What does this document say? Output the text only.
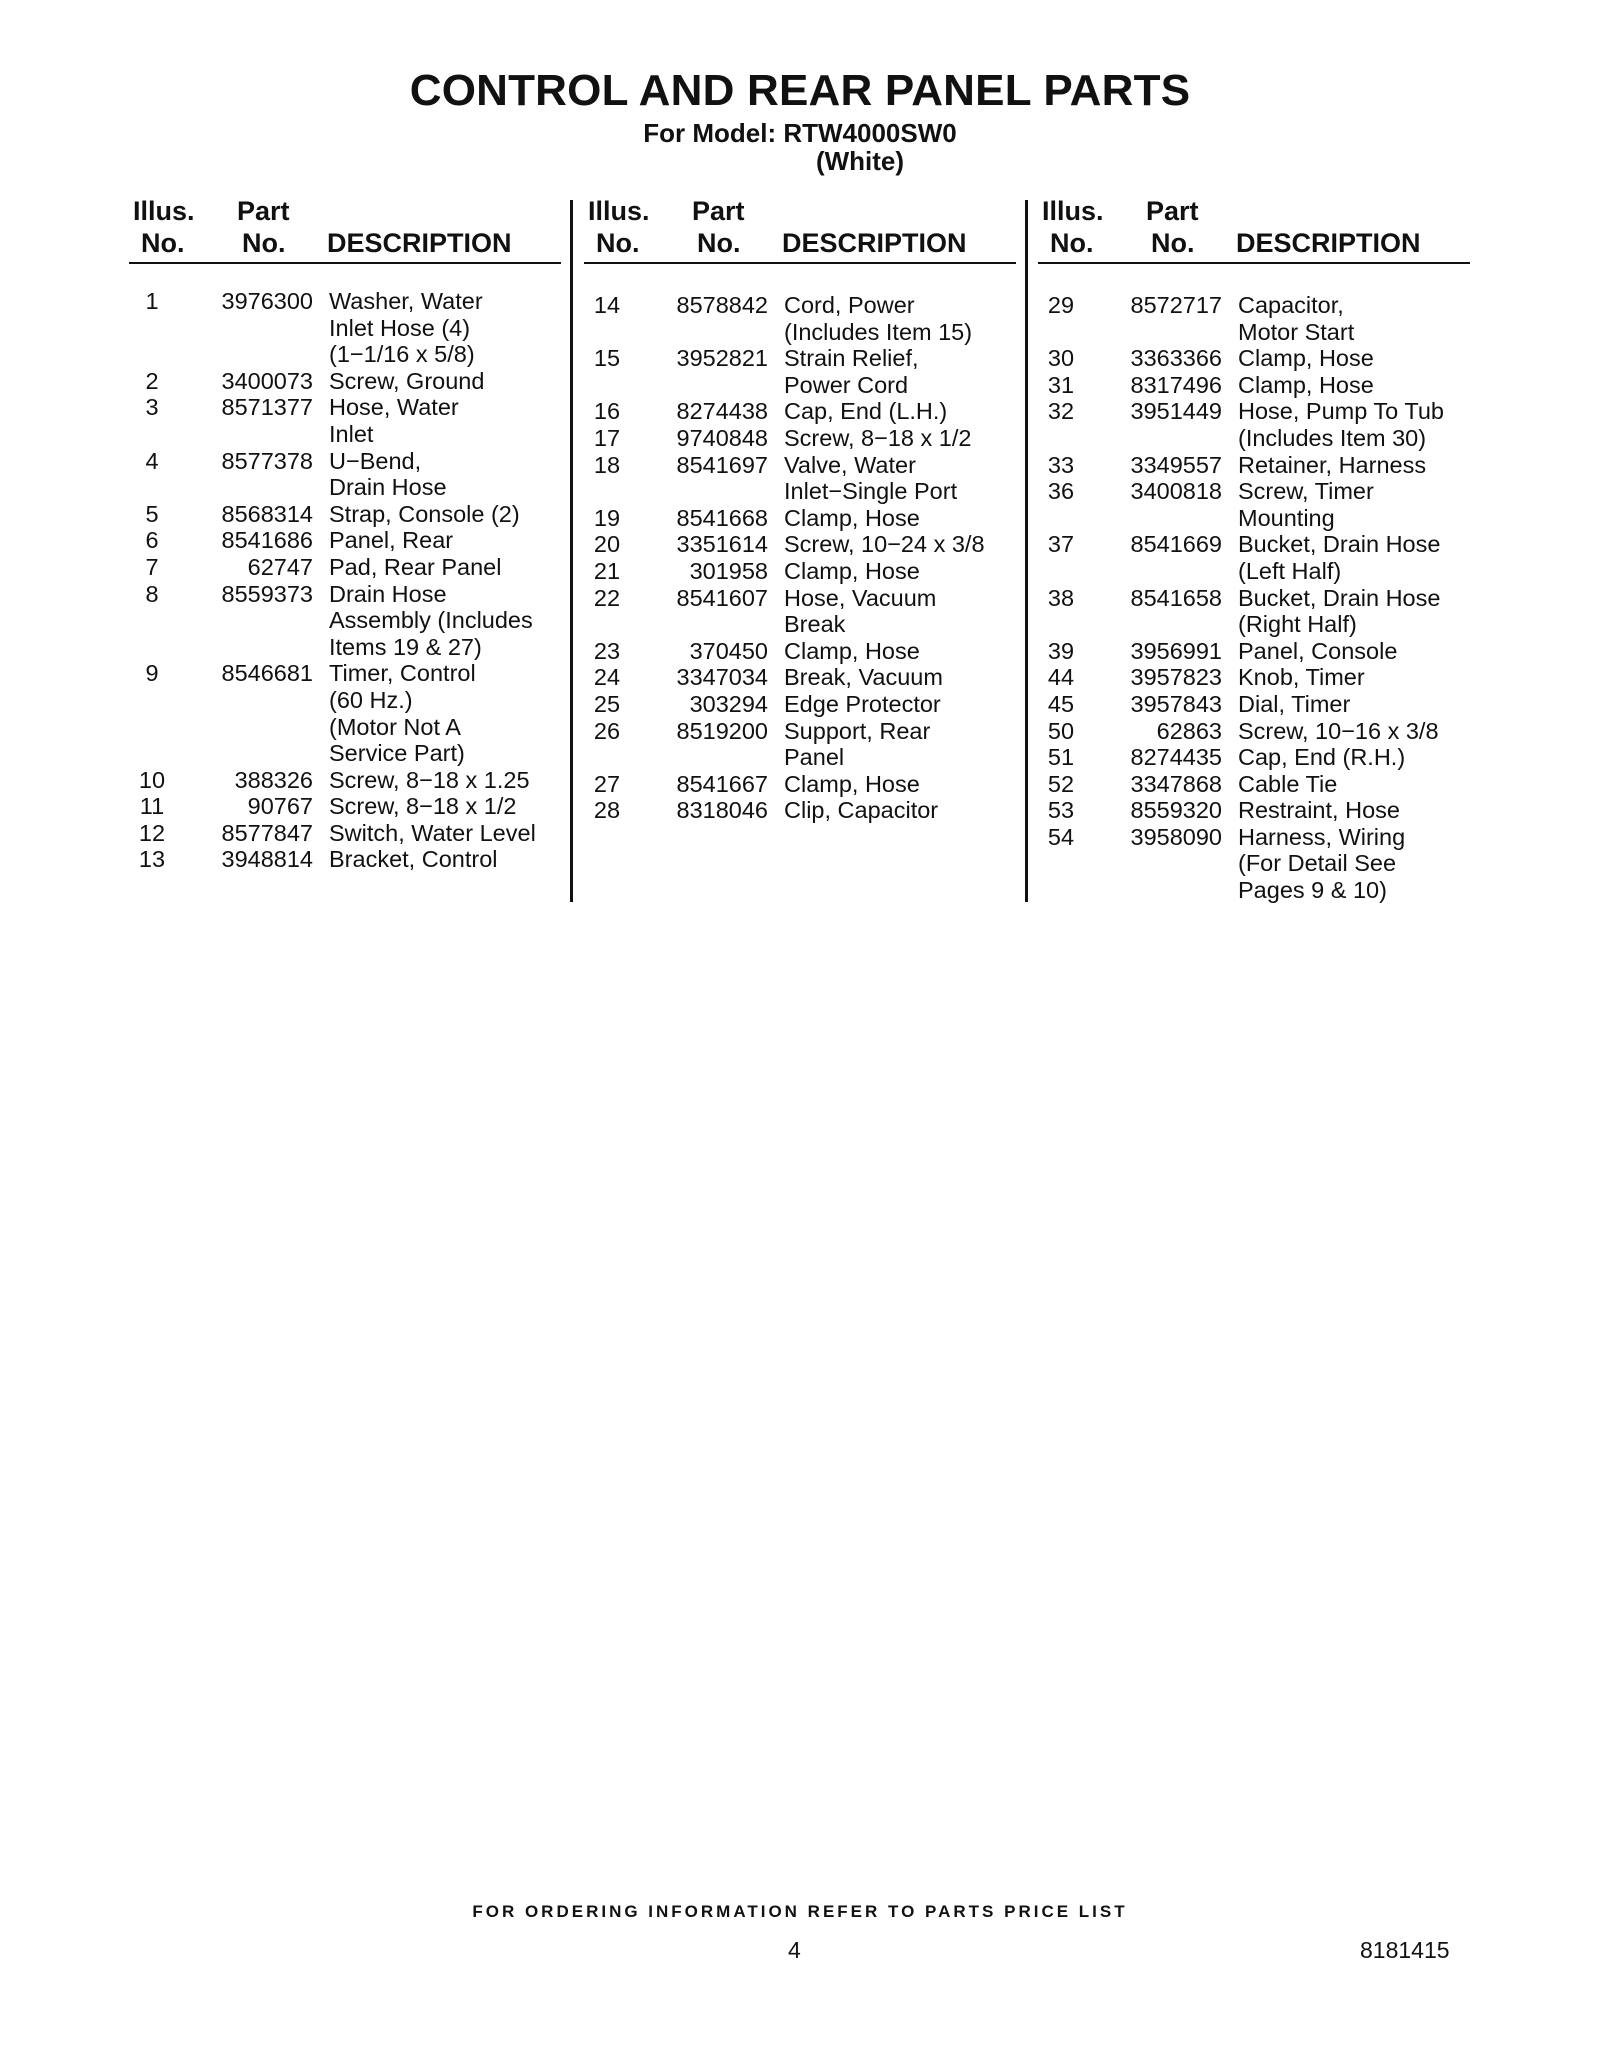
CONTROL AND REAR PANEL PARTS
For Model: RTW4000SW0
(White)
Illus.
No.
Part
No. DESCRIPTION
1	3976300 Washer, Water
Inlet Hose (4)
(1−1/16 x 5/8)
2	3400073 Screw, Ground
3	8571377 Hose, Water
Inlet
4	8577378 U−Bend,
Drain Hose
5	8568314 Strap, Console (2)
6	8541686 Panel, Rear
7	62747 Pad, Rear Panel
8	8559373 Drain Hose
Assembly (Includes
Items 19 & 27)
9	8546681 Timer, Control
(60 Hz.)
(Motor Not A
Service Part)
10	388326 Screw, 8−18 x 1.25
11	90767 Screw, 8−18 x 1/2
12	8577847 Switch, Water Level
13	3948814 Bracket, Control
Illus.
No.
Part
No. DESCRIPTION
14	8578842 Cord, Power
(Includes Item 15)
15	3952821 Strain Relief,
Power Cord
16	8274438 Cap, End (L.H.)
17	9740848 Screw, 8−18 x 1/2
18	8541697 Valve, Water
Inlet−Single Port
19	8541668 Clamp, Hose
20	3351614 Screw, 10−24 x 3/8
21	301958 Clamp, Hose
22	8541607 Hose, Vacuum
Break
23	370450 Clamp, Hose
24	3347034 Break, Vacuum
25	303294 Edge Protector
26	8519200 Support, Rear
Panel
27	8541667 Clamp, Hose
28	8318046 Clip, Capacitor
Illus.
No.
Part
No. DESCRIPTION
29	8572717 Capacitor,
Motor Start
30	3363366 Clamp, Hose
31	8317496 Clamp, Hose
32	3951449 Hose, Pump To Tub
(Includes Item 30)
33	3349557 Retainer, Harness
36	3400818 Screw, Timer
Mounting
37	8541669 Bucket, Drain Hose
(Left Half)
38	8541658 Bucket, Drain Hose
(Right Half)
39	3956991 Panel, Console
44	3957823 Knob, Timer
45	3957843 Dial, Timer
50	62863 Screw, 10−16 x 3/8
51	8274435 Cap, End (R.H.)
52	3347868 Cable Tie
53	8559320 Restraint, Hose
54	3958090 Harness, Wiring
(For Detail See
Pages 9 & 10)
FOR ORDERING INFORMATION REFER TO PARTS PRICE LIST
4	8181415
